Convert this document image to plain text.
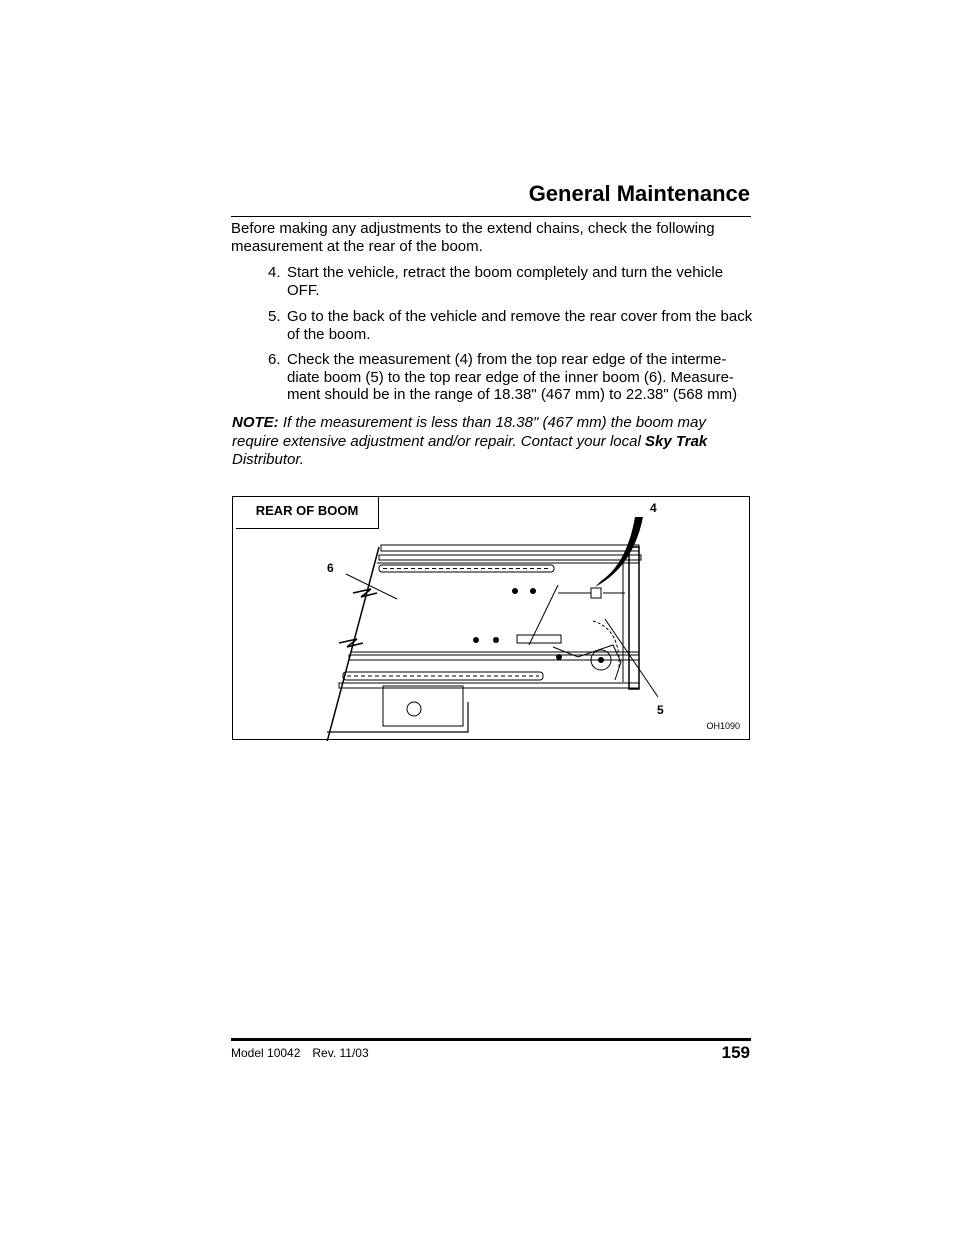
General Maintenance
Before making any adjustments to the extend chains, check the following measurement at the rear of the boom.
4. Start the vehicle, retract the boom completely and turn the vehicle OFF.
5. Go to the back of the vehicle and remove the rear cover from the back of the boom.
6. Check the measurement (4) from the top rear edge of the interme-diate boom (5) to the top rear edge of the inner boom (6). Measure-ment should be in the range of 18.38" (467 mm) to 22.38" (568 mm)
NOTE: If the measurement is less than 18.38" (467 mm) the boom may require extensive adjustment and/or repair. Contact your local Sky Trak Distributor.
REAR OF BOOM	4
6
5
OH1090
Model 10042 Rev. 11/03	159
